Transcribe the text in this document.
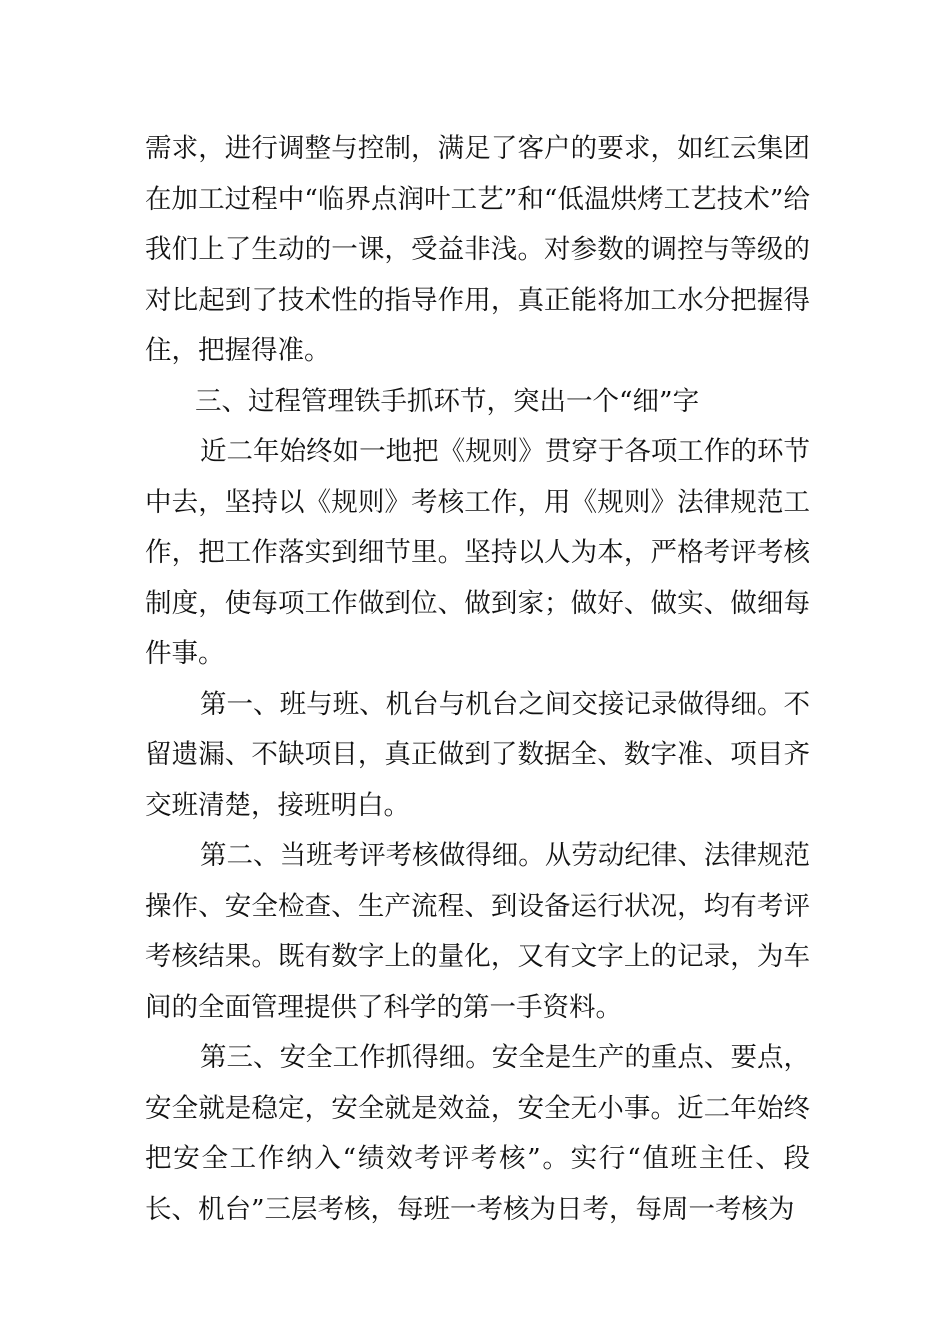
需求，进行调整与控制，满足了客户的要求，如红云集团在加工过程中“临界点润叶工艺”和“低温烘烤工艺技术”给我们上了生动的一课，受益非浅。对参数的调控与等级的对比起到了技术性的指导作用，真正能将加工水分把握得住，把握得准。

三、过程管理铁手抓环节，突出一个“细”字

近二年始终如一地把《规则》贯穿于各项工作的环节中去，坚持以《规则》考核工作，用《规则》法律规范工作，把工作落实到细节里。坚持以人为本，严格考评考核制度，使每项工作做到位、做到家；做好、做实、做细每件事。

第一、班与班、机台与机台之间交接记录做得细。不留遗漏、不缺项目，真正做到了数据全、数字准、项目齐交班清楚，接班明白。

第二、当班考评考核做得细。从劳动纪律、法律规范操作、安全检查、生产流程、到设备运行状况，均有考评考核结果。既有数字上的量化，又有文字上的记录，为车间的全面管理提供了科学的第一手资料。

第三、安全工作抓得细。安全是生产的重点、要点，安全就是稳定，安全就是效益，安全无小事。近二年始终把安全工作纳入“绩效考评考核”。实行“值班主任、段长、机台”三层考核，每班一考核为日考，每周一考核为
